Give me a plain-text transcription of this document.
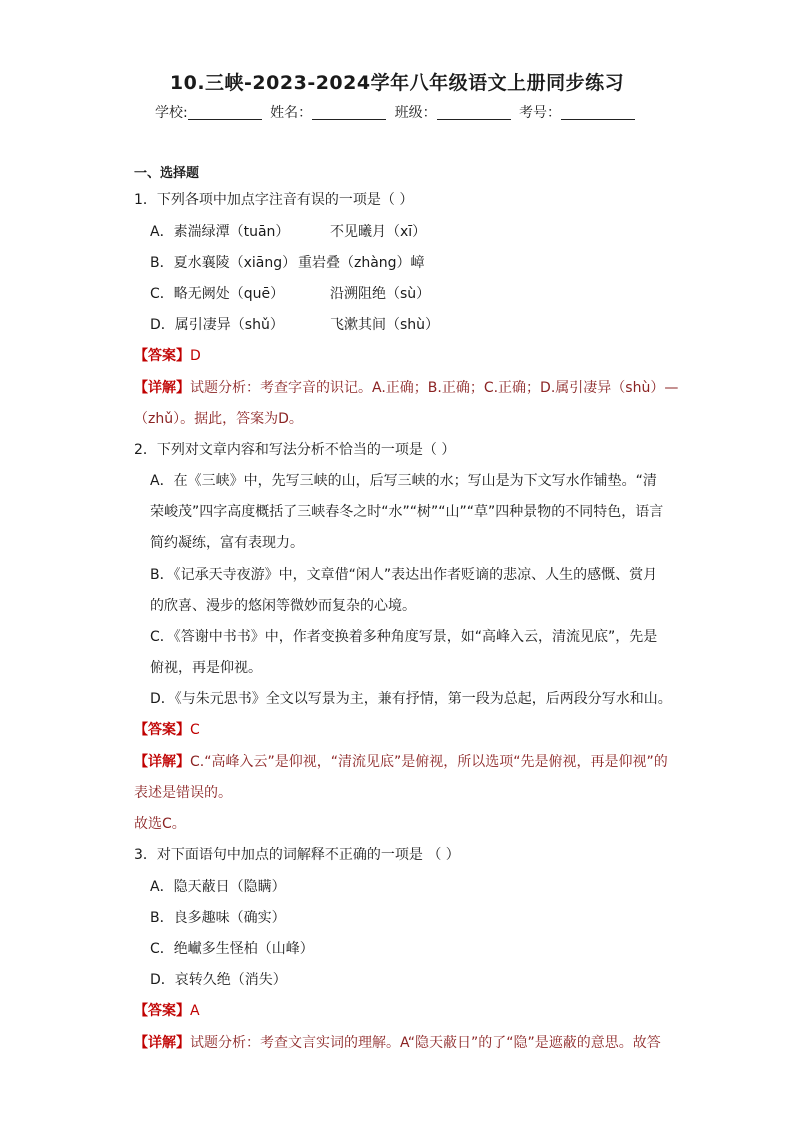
10.三峡-2023-2024学年八年级语文上册同步练习
学校:	姓名：	班级：	考号：
一、选择题
1．下列各项中加点字注音有误的一项是（ ）
A．素湍绿潭（tuān）	不见曦月（xī）
B．夏水襄陵（xiāng） 重岩叠（zhàng）嶂
C．略无阙处（quē）	沿溯阻绝（sù）
D．属引凄异（shǔ）	飞漱其间（shù）
【答案】D
【详解】试题分析：考查字音的识记。A.正确；B.正确；C.正确；D.属引凄异（shù）—
（zhǔ）。据此，答案为D。
2．下列对文章内容和写法分析不恰当的一项是（ ）
A．在《三峡》中，先写三峡的山，后写三峡的水；写山是为下文写水作铺垫。“清
荣峻茂”四字高度概括了三峡春冬之时“水”“树”“山”“草”四种景物的不同特色，语言
简约凝练，富有表现力。
B．《记承天寺夜游》中，文章借“闲人”表达出作者贬谪的悲凉、人生的感慨、赏月
的欣喜、漫步的悠闲等微妙而复杂的心境。
C．《答谢中书书》中，作者变换着多种角度写景，如“高峰入云，清流见底”，先是
俯视，再是仰视。
D．《与朱元思书》全文以写景为主，兼有抒情，第一段为总起，后两段分写水和山。
【答案】C
【详解】C.“高峰入云”是仰视，“清流见底”是俯视，所以选项“先是俯视，再是仰视”的
表述是错误的。
故选C。
3．对下面语句中加点的词解释不正确的一项是 （ ）
A．隐天蔽日（隐瞒）
B．良多趣味（确实）
C．绝𪩘多生怪柏（山峰）
D．哀转久绝（消失）
【答案】A
【详解】试题分析：考查文言实词的理解。A“隐天蔽日”的了“隐”是遮蔽的意思。故答
